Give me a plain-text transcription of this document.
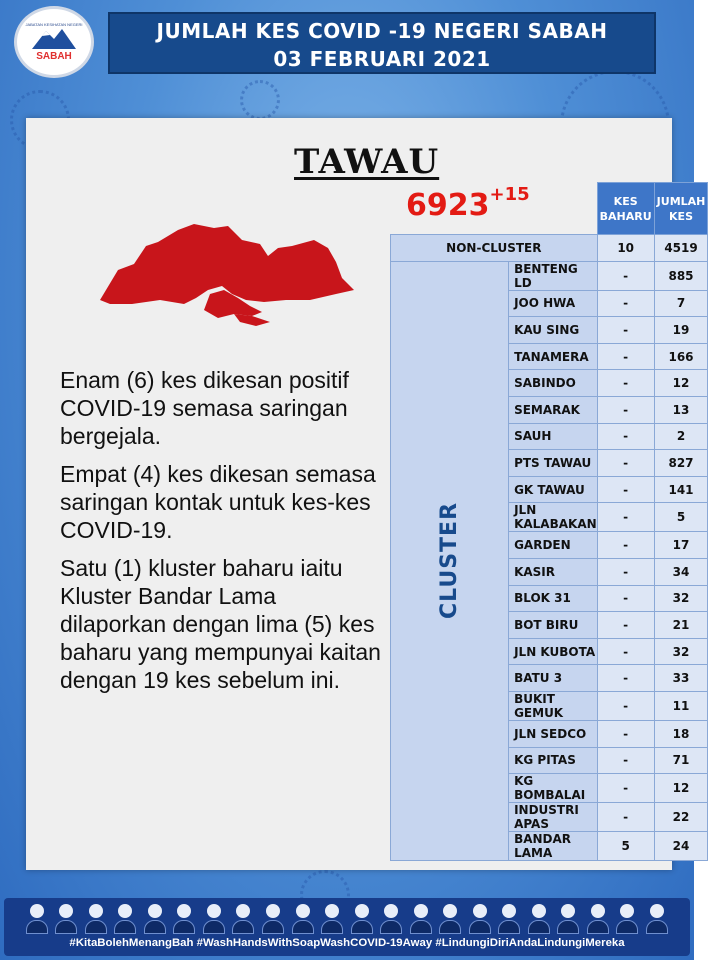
JABATAN KESIHATAN NEGERI
SABAH
JUMLAH KES COVID -19 NEGERI SABAH
03 FEBRUARI 2021
TAWAU
$6923^{+15}$

Enam (6) kes dikesan positif COVID-19 semasa saringan bergejala.

Empat (4) kes dikesan semasa saringan kontak untuk kes-kes COVID-19.

Satu (1) kluster baharu iaitu Kluster Bandar Lama dilaporkan dengan lima (5) kes baharu yang mempunyai kaitan dengan 19 kes sebelum ini.

		KES BAHARU	JUMLAH KES
NON-CLUSTER		10	4519
CLUSTER	BENTENG LD	-	885
	JOO HWA	-	7
	KAU SING	-	19
	TANAMERA	-	166
	SABINDO	-	12
	SEMARAK	-	13
	SAUH	-	2
	PTS TAWAU	-	827
	GK TAWAU	-	141
	JLN KALABAKAN	-	5
	GARDEN	-	17
	KASIR	-	34
	BLOK 31	-	32
	BOT BIRU	-	21
	JLN KUBOTA	-	32
	BATU 3	-	33
	BUKIT GEMUK	-	11
	JLN SEDCO	-	18
	KG PITAS	-	71
	KG BOMBALAI	-	12
	INDUSTRI APAS	-	22
	BANDAR LAMA	5	24
#KitaBolehMenangBah #WashHandsWithSoapWashCOVID-19Away #LindungiDiriAndaLindungiMereka
